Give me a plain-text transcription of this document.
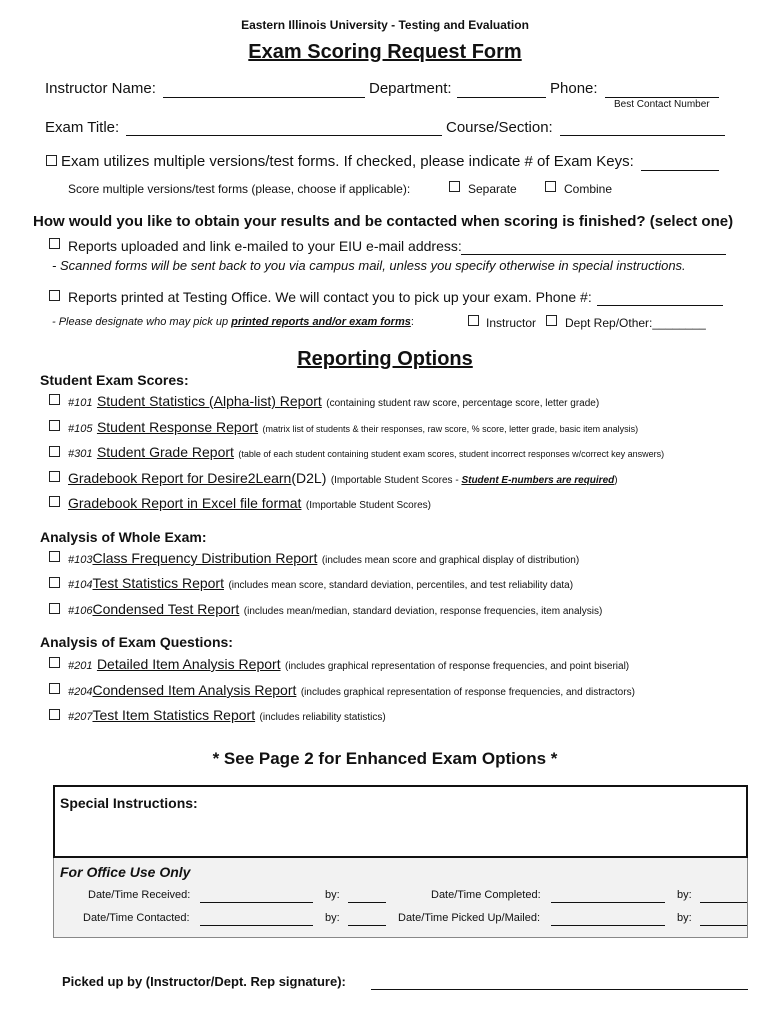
Eastern Illinois University - Testing and Evaluation
Exam Scoring Request Form
Instructor Name:	Department:	Phone:
Best Contact Number
Exam Title:	Course/Section:
Exam utilizes multiple versions/test forms. If checked, please indicate # of Exam Keys:
Score multiple versions/test forms (please, choose if applicable):	Separate	Combine
How would you like to obtain your results and be contacted when scoring is finished? (select one)
Reports uploaded and link e-mailed to your EIU e-mail address:
- Scanned forms will be sent back to you via campus mail, unless you specify otherwise in special instructions.
Reports printed at Testing Office. We will contact you to pick up your exam. Phone #:
- Please designate who may pick up printed reports and/or exam forms:	Instructor Dept Rep/Other:________
Reporting Options
Student Exam Scores:
#101 Student Statistics (Alpha-list) Report (containing student raw score, percentage score, letter grade)
#105 Student Response Report (matrix list of students & their responses, raw score, % score, letter grade, basic item analysis)
#301 Student Grade Report (table of each student containing student exam scores, student incorrect responses w/correct key answers)
Gradebook Report for Desire2Learn(D2L) (Importable Student Scores - Student E-numbers are required)
Gradebook Report in Excel file format (Importable Student Scores)
Analysis of Whole Exam:
#103Class Frequency Distribution Report (includes mean score and graphical display of distribution)
#104Test Statistics Report (includes mean score, standard deviation, percentiles, and test reliability data)
#106Condensed Test Report (includes mean/median, standard deviation, response frequencies, item analysis)
Analysis of Exam Questions:
#201 Detailed Item Analysis Report (includes graphical representation of response frequencies, and point biserial)
#204Condensed Item Analysis Report (includes graphical representation of response frequencies, and distractors)
#207Test Item Statistics Report (includes reliability statistics)
* See Page 2 for Enhanced Exam Options *
Special Instructions:
For Office Use Only
Date/Time Received:	by:	Date/Time Completed:	by:
Date/Time Contacted:	by:	Date/Time Picked Up/Mailed:	by:
Picked up by (Instructor/Dept. Rep signature):
